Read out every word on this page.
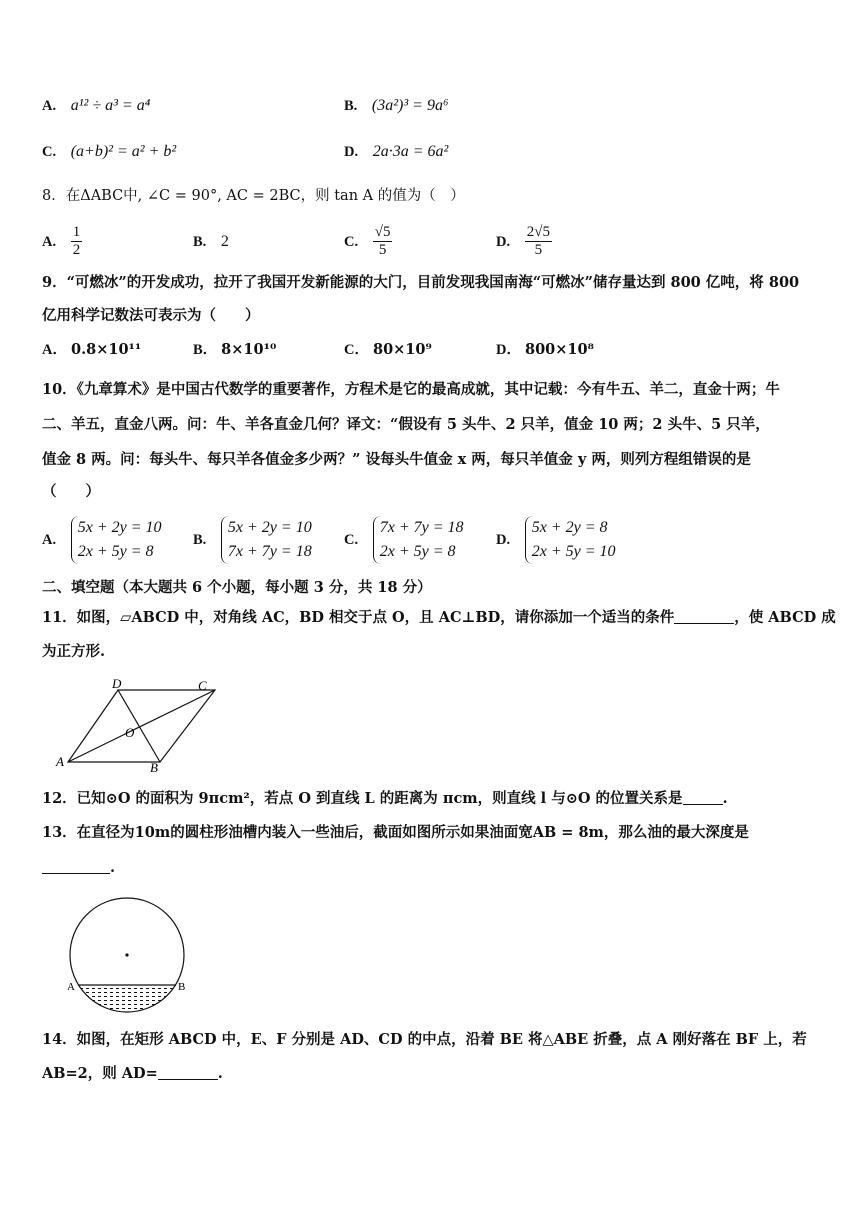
A. a¹² ÷ a³ = a⁴	B. (3a²)³ = 9a⁶
C. (a+b)² = a² + b²	D. 2a·3a = 6a²
8．在ΔABC中, ∠C = 90°, AC = 2BC，则 tan A 的值为（　）
A. $\frac{1}{2}$	B. 2	C. $\frac{√5}{5}$	D. $\frac{2√5}{5}$
9．“可燃冰”的开发成功，拉开了我国开发新能源的大门，目前发现我国南海“可燃冰”储存量达到 800 亿吨，将 800
亿用科学记数法可表示为（　　）
A． 0.8×10¹¹	B． 8×10¹⁰	C． 80×10⁹	D． 800×10⁸
10．《九章算术》是中国古代数学的重要著作，方程术是它的最高成就，其中记载：今有牛五、羊二，直金十两；牛
二、羊五，直金八两。问：牛、羊各直金几何？译文：“假设有 5 头牛、2 只羊，值金 10 两；2 头牛、5 只羊，
值金 8 两。问：每头牛、每只羊各值金多少两？” 设每头牛值金 x 两，每只羊值金 y 两，则列方程组错误的是
（　　）
A.
5x + 2y = 10
2x + 5y = 8
B.
5x + 2y = 10
7x + 7y = 18
C.
7x + 7y = 18
2x + 5y = 8
D.
5x + 2y = 8
2x + 5y = 10
二、填空题（本大题共 6 个小题，每小题 3 分，共 18 分）
11．如图，▱ABCD 中，对角线 AC，BD 相交于点 O，且 AC⊥BD，请你添加一个适当的条件	，使 ABCD 成
为正方形.
A	B
C
D
O
12．已知⊙O 的面积为 9πcm²，若点 O 到直线 L 的距离为 πcm，则直线 l 与⊙O 的位置关系是	.
13．在直径为10m的圆柱形油槽内装入一些油后，截面如图所示如果油面宽AB = 8m，那么油的最大深度是
.
A	B
14．如图，在矩形 ABCD 中，E、F 分别是 AD、CD 的中点，沿着 BE 将△ABE 折叠，点 A 刚好落在 BF 上，若
AB=2，则 AD=	.
